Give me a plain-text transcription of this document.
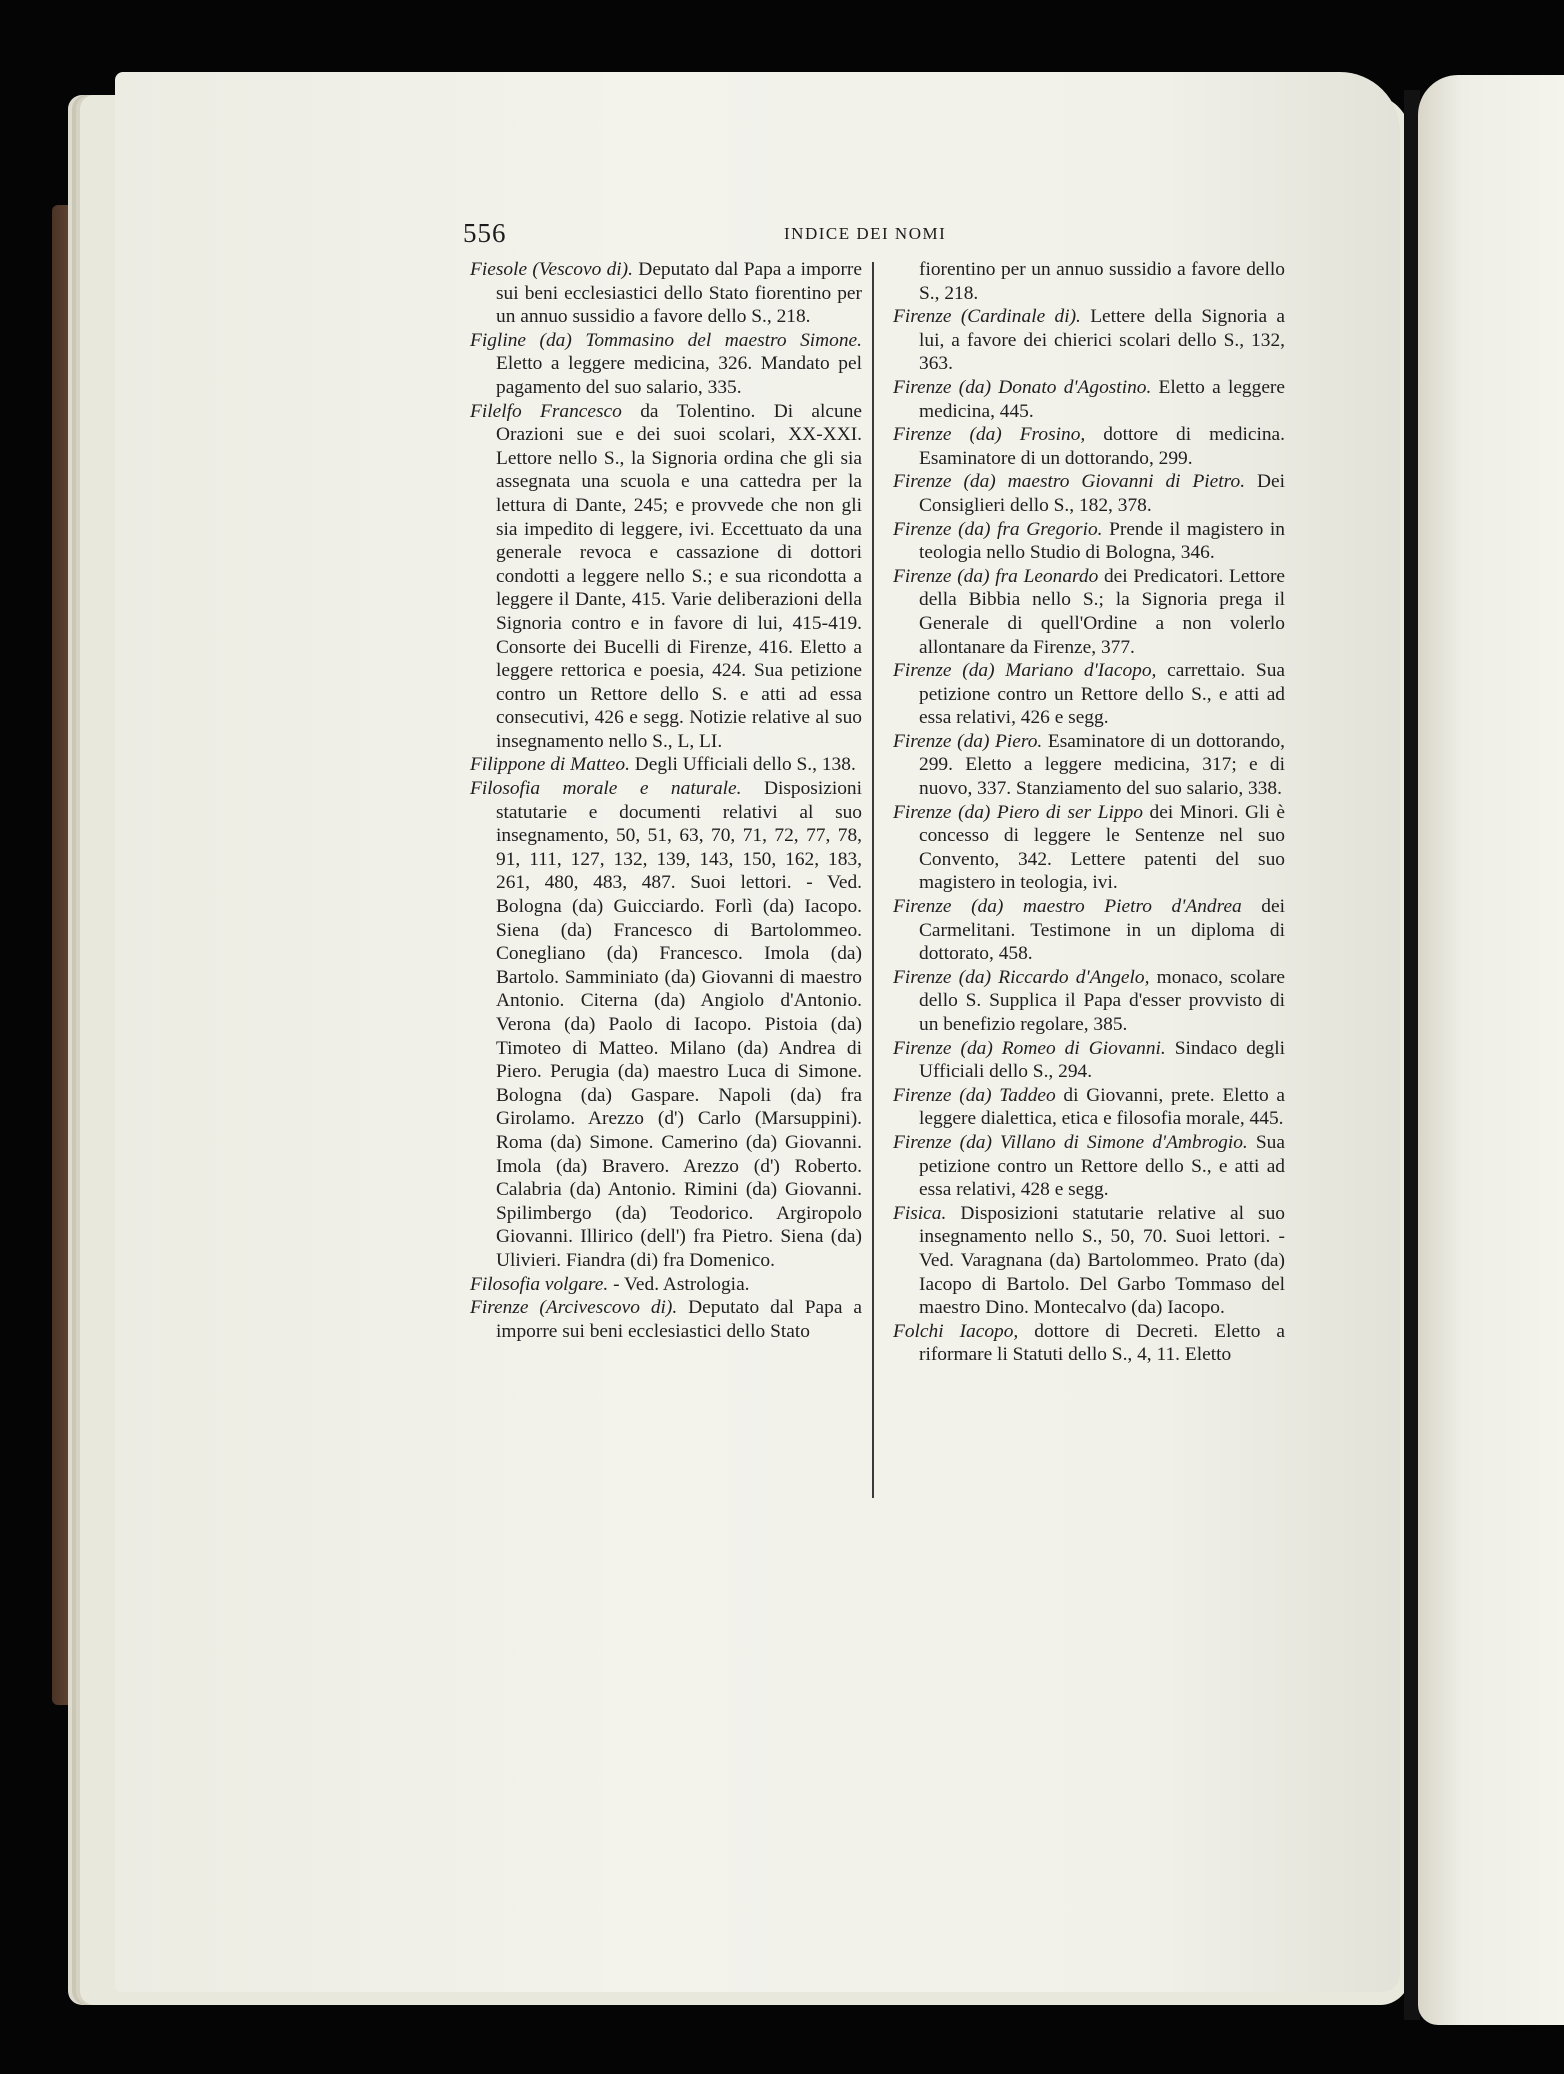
556	INDICE DEI NOMI

Fiesole (Vescovo di). Deputato dal Papa a imporre sui beni ecclesiastici dello Stato fiorentino per un annuo sussidio a favore dello S., 218.

Figline (da) Tommasino del maestro Simone. Eletto a leggere medicina, 326. Mandato pel pagamento del suo salario, 335.

Filelfo Francesco da Tolentino. Di alcune Orazioni sue e dei suoi scolari, XX-XXI. Lettore nello S., la Signoria ordina che gli sia assegnata una scuola e una cattedra per la lettura di Dante, 245; e provvede che non gli sia impedito di leggere, ivi. Eccettuato da una generale revoca e cassazione di dottori condotti a leggere nello S.; e sua ricondotta a leggere il Dante, 415. Varie deliberazioni della Signoria contro e in favore di lui, 415-419. Consorte dei Bucelli di Firenze, 416. Eletto a leggere rettorica e poesia, 424. Sua petizione contro un Rettore dello S. e atti ad essa consecutivi, 426 e segg. Notizie relative al suo insegnamento nello S., L, LI.

Filippone di Matteo. Degli Ufficiali dello S., 138.

Filosofia morale e naturale. Disposizioni statutarie e documenti relativi al suo insegnamento, 50, 51, 63, 70, 71, 72, 77, 78, 91, 111, 127, 132, 139, 143, 150, 162, 183, 261, 480, 483, 487. Suoi lettori. - Ved. Bologna (da) Guicciardo. Forlì (da) Iacopo. Siena (da) Francesco di Bartolommeo. Conegliano (da) Francesco. Imola (da) Bartolo. Samminiato (da) Giovanni di maestro Antonio. Citerna (da) Angiolo d'Antonio. Verona (da) Paolo di Iacopo. Pistoia (da) Timoteo di Matteo. Milano (da) Andrea di Piero. Perugia (da) maestro Luca di Simone. Bologna (da) Gaspare. Napoli (da) fra Girolamo. Arezzo (d') Carlo (Marsuppini). Roma (da) Simone. Camerino (da) Giovanni. Imola (da) Bravero. Arezzo (d') Roberto. Calabria (da) Antonio. Rimini (da) Giovanni. Spilimbergo (da) Teodorico. Argiropolo Giovanni. Illirico (dell') fra Pietro. Siena (da) Ulivieri. Fiandra (di) fra Domenico.

Filosofia volgare. - Ved. Astrologia.

Firenze (Arcivescovo di). Deputato dal Papa a imporre sui beni ecclesiastici dello Stato

fiorentino per un annuo sussidio a favore dello S., 218.

Firenze (Cardinale di). Lettere della Signoria a lui, a favore dei chierici scolari dello S., 132, 363.

Firenze (da) Donato d'Agostino. Eletto a leggere medicina, 445.

Firenze (da) Frosino, dottore di medicina. Esaminatore di un dottorando, 299.

Firenze (da) maestro Giovanni di Pietro. Dei Consiglieri dello S., 182, 378.

Firenze (da) fra Gregorio. Prende il magistero in teologia nello Studio di Bologna, 346.

Firenze (da) fra Leonardo dei Predicatori. Lettore della Bibbia nello S.; la Signoria prega il Generale di quell'Ordine a non volerlo allontanare da Firenze, 377.

Firenze (da) Mariano d'Iacopo, carrettaio. Sua petizione contro un Rettore dello S., e atti ad essa relativi, 426 e segg.

Firenze (da) Piero. Esaminatore di un dottorando, 299. Eletto a leggere medicina, 317; e di nuovo, 337. Stanziamento del suo salario, 338.

Firenze (da) Piero di ser Lippo dei Minori. Gli è concesso di leggere le Sentenze nel suo Convento, 342. Lettere patenti del suo magistero in teologia, ivi.

Firenze (da) maestro Pietro d'Andrea dei Carmelitani. Testimone in un diploma di dottorato, 458.

Firenze (da) Riccardo d'Angelo, monaco, scolare dello S. Supplica il Papa d'esser provvisto di un benefizio regolare, 385.

Firenze (da) Romeo di Giovanni. Sindaco degli Ufficiali dello S., 294.

Firenze (da) Taddeo di Giovanni, prete. Eletto a leggere dialettica, etica e filosofia morale, 445.

Firenze (da) Villano di Simone d'Ambrogio. Sua petizione contro un Rettore dello S., e atti ad essa relativi, 428 e segg.

Fisica. Disposizioni statutarie relative al suo insegnamento nello S., 50, 70. Suoi lettori. - Ved. Varagnana (da) Bartolommeo. Prato (da) Iacopo di Bartolo. Del Garbo Tommaso del maestro Dino. Montecalvo (da) Iacopo.

Folchi Iacopo, dottore di Decreti. Eletto a riformare li Statuti dello S., 4, 11. Eletto
